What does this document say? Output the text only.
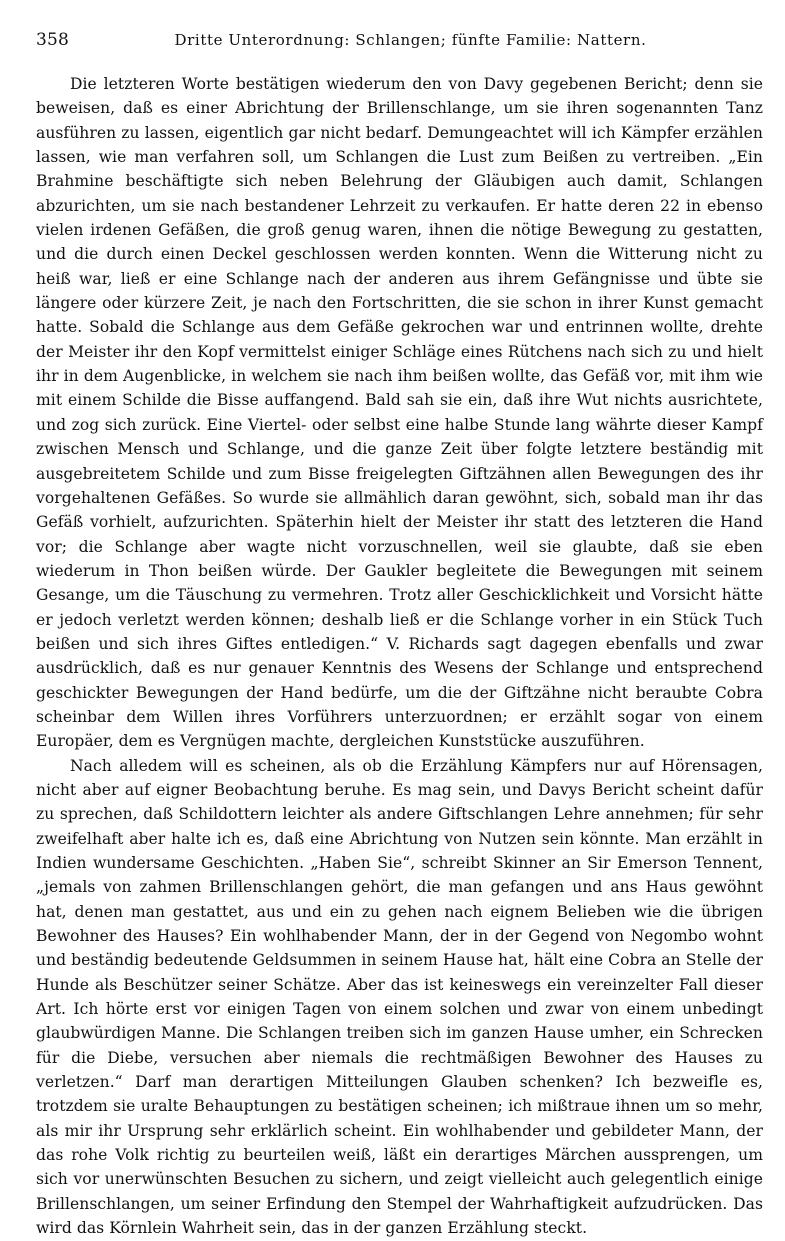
358	Dritte Unterordnung: Schlangen; fünfte Familie: Nattern.

Die letzteren Worte bestätigen wiederum den von Davy gegebenen Bericht; denn sie beweisen, daß es einer Abrichtung der Brillenschlange, um sie ihren sogenannten Tanz ausführen zu lassen, eigentlich gar nicht bedarf. Demungeachtet will ich Kämpfer erzählen lassen, wie man verfahren soll, um Schlangen die Lust zum Beißen zu vertreiben. „Ein Brahmine beschäftigte sich neben Belehrung der Gläubigen auch damit, Schlangen abzurichten, um sie nach bestandener Lehrzeit zu verkaufen. Er hatte deren 22 in ebenso vielen irdenen Gefäßen, die groß genug waren, ihnen die nötige Bewegung zu gestatten, und die durch einen Deckel geschlossen werden konnten. Wenn die Witterung nicht zu heiß war, ließ er eine Schlange nach der anderen aus ihrem Gefängnisse und übte sie längere oder kürzere Zeit, je nach den Fortschritten, die sie schon in ihrer Kunst gemacht hatte. Sobald die Schlange aus dem Gefäße gekrochen war und entrinnen wollte, drehte der Meister ihr den Kopf vermittelst einiger Schläge eines Rütchens nach sich zu und hielt ihr in dem Augenblicke, in welchem sie nach ihm beißen wollte, das Gefäß vor, mit ihm wie mit einem Schilde die Bisse auffangend. Bald sah sie ein, daß ihre Wut nichts ausrichtete, und zog sich zurück. Eine Viertel- oder selbst eine halbe Stunde lang währte dieser Kampf zwischen Mensch und Schlange, und die ganze Zeit über folgte letztere beständig mit ausgebreitetem Schilde und zum Bisse freigelegten Giftzähnen allen Bewegungen des ihr vorgehaltenen Gefäßes. So wurde sie allmählich daran gewöhnt, sich, sobald man ihr das Gefäß vorhielt, aufzurichten. Späterhin hielt der Meister ihr statt des letzteren die Hand vor; die Schlange aber wagte nicht vorzuschnellen, weil sie glaubte, daß sie eben wiederum in Thon beißen würde. Der Gaukler begleitete die Bewegungen mit seinem Gesange, um die Täuschung zu vermehren. Trotz aller Geschicklichkeit und Vorsicht hätte er jedoch verletzt werden können; deshalb ließ er die Schlange vorher in ein Stück Tuch beißen und sich ihres Giftes entledigen.“ V. Richards sagt dagegen ebenfalls und zwar ausdrücklich, daß es nur genauer Kenntnis des Wesens der Schlange und entsprechend geschickter Bewegungen der Hand bedürfe, um die der Giftzähne nicht beraubte Cobra scheinbar dem Willen ihres Vorführers unterzuordnen; er erzählt sogar von einem Europäer, dem es Vergnügen machte, dergleichen Kunststücke auszuführen.

Nach alledem will es scheinen, als ob die Erzählung Kämpfers nur auf Hörensagen, nicht aber auf eigner Beobachtung beruhe. Es mag sein, und Davys Bericht scheint dafür zu sprechen, daß Schildottern leichter als andere Giftschlangen Lehre annehmen; für sehr zweifelhaft aber halte ich es, daß eine Abrichtung von Nutzen sein könnte. Man erzählt in Indien wundersame Geschichten. „Haben Sie“, schreibt Skinner an Sir Emerson Tennent, „jemals von zahmen Brillenschlangen gehört, die man gefangen und ans Haus gewöhnt hat, denen man gestattet, aus und ein zu gehen nach eignem Belieben wie die übrigen Bewohner des Hauses? Ein wohlhabender Mann, der in der Gegend von Negombo wohnt und beständig bedeutende Geldsummen in seinem Hause hat, hält eine Cobra an Stelle der Hunde als Beschützer seiner Schätze. Aber das ist keineswegs ein vereinzelter Fall dieser Art. Ich hörte erst vor einigen Tagen von einem solchen und zwar von einem unbedingt glaubwürdigen Manne. Die Schlangen treiben sich im ganzen Hause umher, ein Schrecken für die Diebe, versuchen aber niemals die rechtmäßigen Bewohner des Hauses zu verletzen.“ Darf man derartigen Mitteilungen Glauben schenken? Ich bezweifle es, trotzdem sie uralte Behauptungen zu bestätigen scheinen; ich mißtraue ihnen um so mehr, als mir ihr Ursprung sehr erklärlich scheint. Ein wohlhabender und gebildeter Mann, der das rohe Volk richtig zu beurteilen weiß, läßt ein derartiges Märchen aussprengen, um sich vor unerwünschten Besuchen zu sichern, und zeigt vielleicht auch gelegentlich einige Brillenschlangen, um seiner Erfindung den Stempel der Wahrhaftigkeit aufzudrücken. Das wird das Körnlein Wahrheit sein, das in der ganzen Erzählung steckt.
